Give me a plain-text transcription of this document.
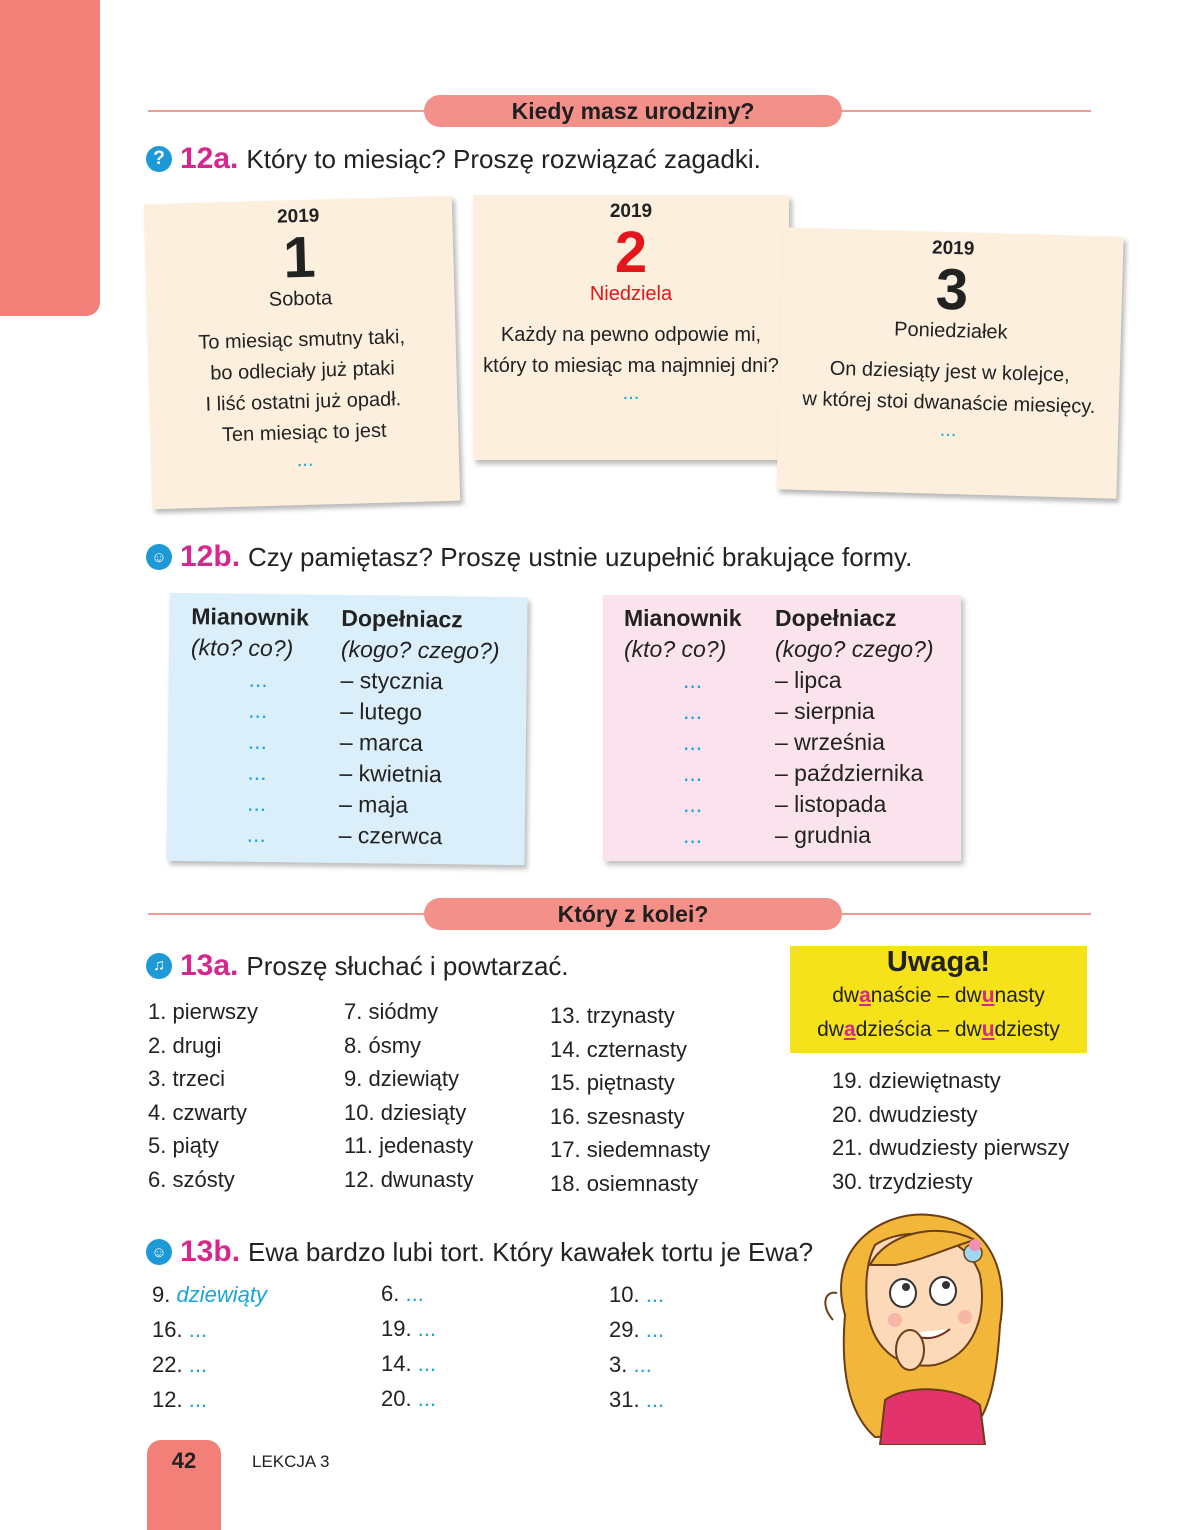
Kiedy masz urodziny?
? 12a. Który to miesiąc? Proszę rozwiązać zagadki.
2019
1
Sobota
To miesiąc smutny taki,
bo odleciały już ptaki
I liść ostatni już opadł.
Ten miesiąc to jest
...
2019
2
Niedziela
Każdy na pewno odpowie mi,
który to miesiąc ma najmniej dni?
...
2019
3
Poniedziałek
On dziesiąty jest w kolejce,
w której stoi dwanaście miesięcy.
...
☺ 12b. Czy pamiętasz? Proszę ustnie uzupełnić brakujące formy.
Mianownik Dopełniacz
(kto? co?) (kogo? czego?)
...	– stycznia
...	– lutego
...	– marca
...	– kwietnia
...	– maja
...	– czerwca
Mianownik Dopełniacz
(kto? co?) (kogo? czego?)
...	– lipca
...	– sierpnia
...	– września
...	– października
...	– listopada
...	– grudnia
Który z kolei?
♫ 13a. Proszę słuchać i powtarzać.
1. pierwszy
2. drugi
3. trzeci
4. czwarty
5. piąty
6. szósty
7. siódmy
8. ósmy
9. dziewiąty
10. dziesiąty
11. jedenasty
12. dwunasty
13. trzynasty
14. czternasty
15. piętnasty
16. szesnasty
17. siedemnasty
18. osiemnasty
19. dziewiętnasty
20. dwudziesty
21. dwudziesty pierwszy
30. trzydziesty
Uwaga!
dwanaście – dwunasty
dwadzieścia – dwudziesty
☺ 13b. Ewa bardzo lubi tort. Który kawałek tortu je Ewa?
9. dziewiąty
16. ...
22. ...
12. ...
6. ...
19. ...
14. ...
20. ...
10. ...
29. ...
3. ...
31. ...
42	LEKCJA 3
